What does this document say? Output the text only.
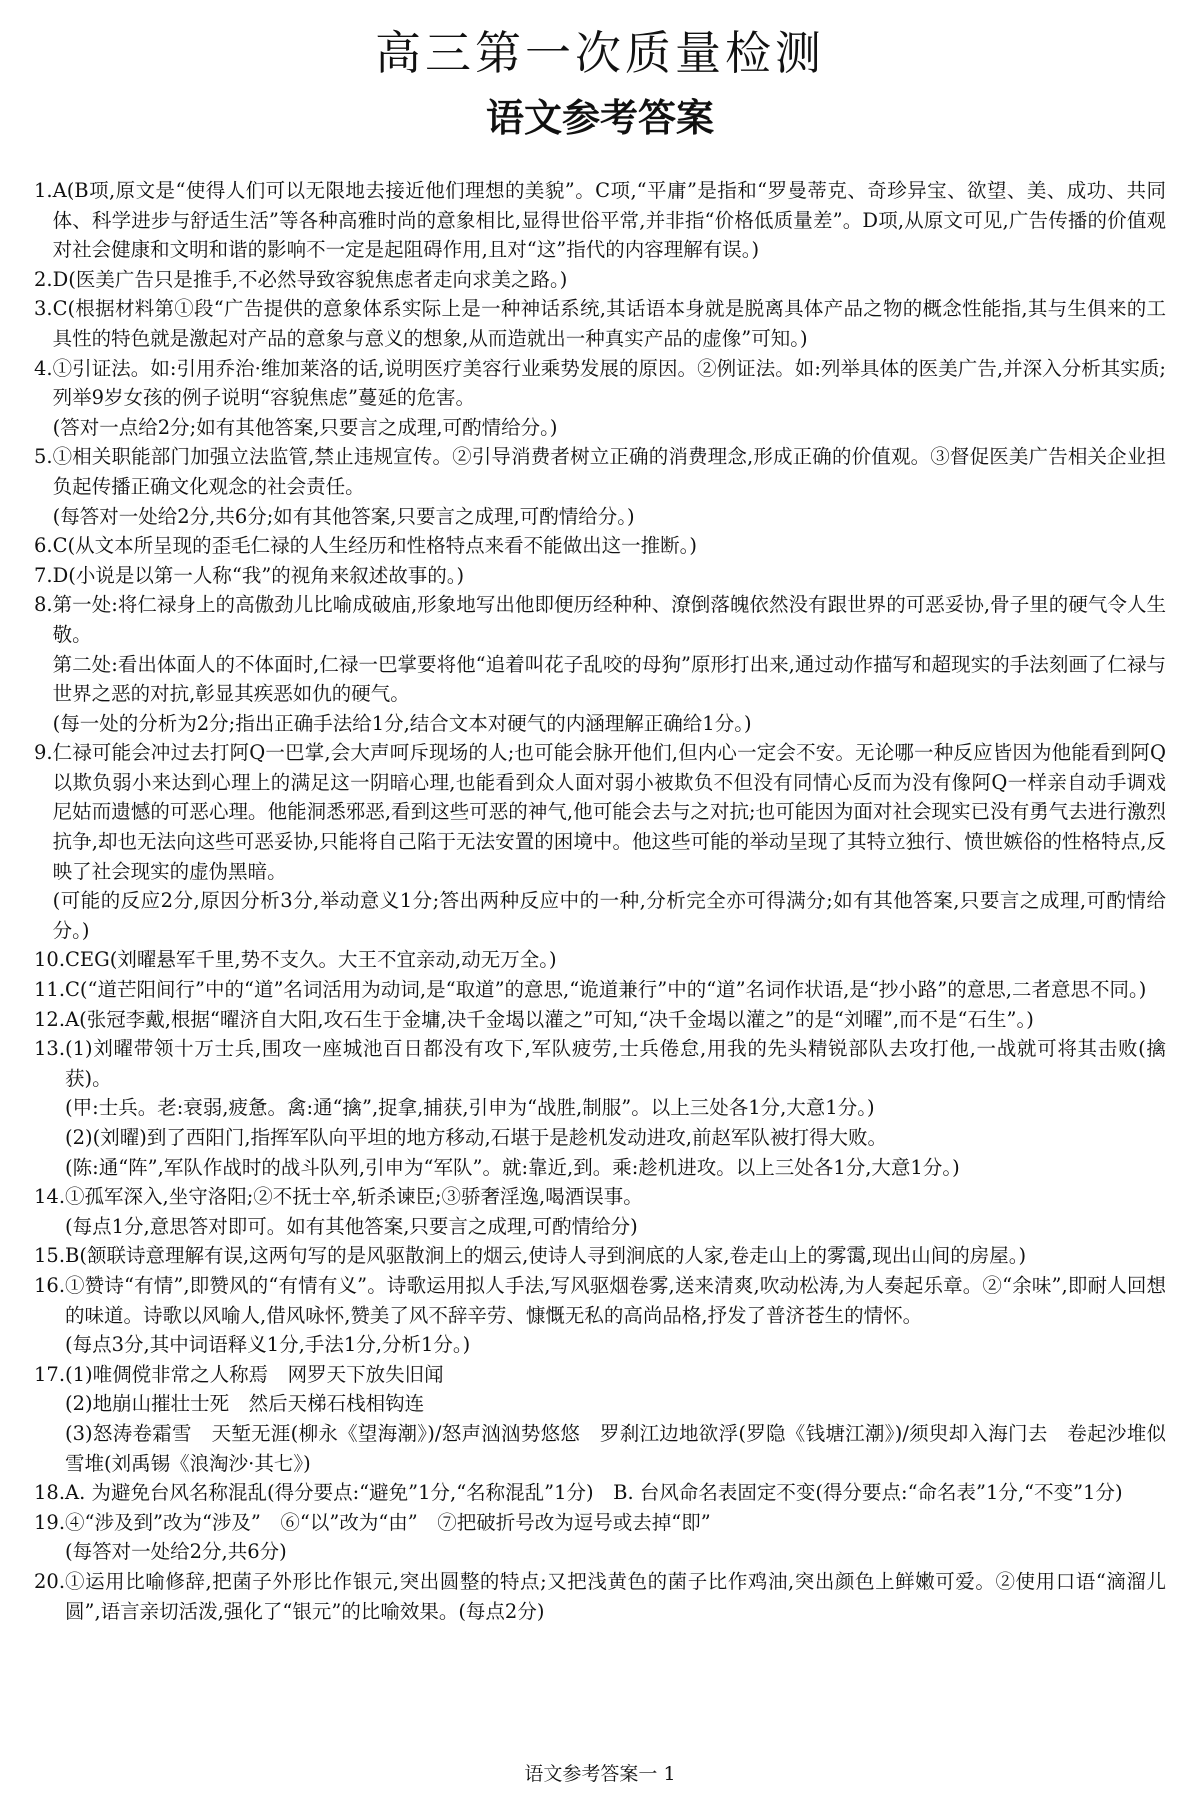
高三第一次质量检测
语文参考答案
1. A(B项,原文是“使得人们可以无限地去接近他们理想的美貌”。C项,“平庸”是指和“罗曼蒂克、奇珍异宝、欲望、美、成功、共同体、科学进步与舒适生活”等各种高雅时尚的意象相比,显得世俗平常,并非指“价格低质量差”。D项,从原文可见,广告传播的价值观对社会健康和文明和谐的影响不一定是起阻碍作用,且对“这”指代的内容理解有误。)

2. D(医美广告只是推手,不必然导致容貌焦虑者走向求美之路。)

3. C(根据材料第①段“广告提供的意象体系实际上是一种神话系统,其话语本身就是脱离具体产品之物的概念性能指,其与生俱来的工具性的特色就是激起对产品的意象与意义的想象,从而造就出一种真实产品的虚像”可知。)

4. ①引证法。如:引用乔治·维加莱洛的话,说明医疗美容行业乘势发展的原因。②例证法。如:列举具体的医美广告,并深入分析其实质;列举9岁女孩的例子说明“容貌焦虑”蔓延的危害。

(答对一点给2分;如有其他答案,只要言之成理,可酌情给分。)

5. ①相关职能部门加强立法监管,禁止违规宣传。②引导消费者树立正确的消费理念,形成正确的价值观。③督促医美广告相关企业担负起传播正确文化观念的社会责任。

(每答对一处给2分,共6分;如有其他答案,只要言之成理,可酌情给分。)

6. C(从文本所呈现的歪毛仁禄的人生经历和性格特点来看不能做出这一推断。)

7. D(小说是以第一人称“我”的视角来叙述故事的。)

8. 第一处:将仁禄身上的高傲劲儿比喻成破庙,形象地写出他即便历经种种、潦倒落魄依然没有跟世界的可恶妥协,骨子里的硬气令人生敬。

第二处:看出体面人的不体面时,仁禄一巴掌要将他“追着叫花子乱咬的母狗”原形打出来,通过动作描写和超现实的手法刻画了仁禄与世界之恶的对抗,彰显其疾恶如仇的硬气。

(每一处的分析为2分;指出正确手法给1分,结合文本对硬气的内涵理解正确给1分。)

9. 仁禄可能会冲过去打阿Q一巴掌,会大声呵斥现场的人;也可能会脉开他们,但内心一定会不安。无论哪一种反应皆因为他能看到阿Q以欺负弱小来达到心理上的满足这一阴暗心理,也能看到众人面对弱小被欺负不但没有同情心反而为没有像阿Q一样亲自动手调戏尼姑而遗憾的可恶心理。他能洞悉邪恶,看到这些可恶的神气,他可能会去与之对抗;也可能因为面对社会现实已没有勇气去进行激烈抗争,却也无法向这些可恶妥协,只能将自己陷于无法安置的困境中。他这些可能的举动呈现了其特立独行、愤世嫉俗的性格特点,反映了社会现实的虚伪黑暗。

(可能的反应2分,原因分析3分,举动意义1分;答出两种反应中的一种,分析完全亦可得满分;如有其他答案,只要言之成理,可酌情给分。)

10. CEG(刘曜悬军千里,势不支久。大王不宜亲动,动无万全。)

11. C(“道芒阳间行”中的“道”名词活用为动词,是“取道”的意思,“诡道兼行”中的“道”名词作状语,是“抄小路”的意思,二者意思不同。)

12. A(张冠李戴,根据“曜济自大阳,攻石生于金墉,决千金堨以灌之”可知,“决千金堨以灌之”的是“刘曜”,而不是“石生”。)

13. (1)刘曜带领十万士兵,围攻一座城池百日都没有攻下,军队疲劳,士兵倦怠,用我的先头精锐部队去攻打他,一战就可将其击败(擒获)。

(甲:士兵。老:衰弱,疲惫。禽:通“擒”,捉拿,捕获,引申为“战胜,制服”。以上三处各1分,大意1分。)

(2)(刘曜)到了西阳门,指挥军队向平坦的地方移动,石堪于是趁机发动进攻,前赵军队被打得大败。

(陈:通“阵”,军队作战时的战斗队列,引申为“军队”。就:靠近,到。乘:趁机进攻。以上三处各1分,大意1分。)

14. ①孤军深入,坐守洛阳;②不抚士卒,斩杀谏臣;③骄奢淫逸,喝酒误事。

(每点1分,意思答对即可。如有其他答案,只要言之成理,可酌情给分)

15. B(颔联诗意理解有误,这两句写的是风驱散涧上的烟云,使诗人寻到涧底的人家,卷走山上的雾霭,现出山间的房屋。)

16. ①赞诗“有情”,即赞风的“有情有义”。诗歌运用拟人手法,写风驱烟卷雾,送来清爽,吹动松涛,为人奏起乐章。②“余味”,即耐人回想的味道。诗歌以风喻人,借风咏怀,赞美了风不辞辛劳、慷慨无私的高尚品格,抒发了普济苍生的情怀。

(每点3分,其中词语释义1分,手法1分,分析1分。)

17. (1)唯倜傥非常之人称焉　网罗天下放失旧闻

(2)地崩山摧壮士死　然后天梯石栈相钩连

(3)怒涛卷霜雪　天堑无涯(柳永《望海潮》)/怒声汹汹势悠悠　罗刹江边地欲浮(罗隐《钱塘江潮》)/须臾却入海门去　卷起沙堆似雪堆(刘禹锡《浪淘沙·其七》)

18. A. 为避免台风名称混乱(得分要点:“避免”1分,“名称混乱”1分)　B. 台风命名表固定不变(得分要点:“命名表”1分,“不变”1分)

19. ④“涉及到”改为“涉及”　⑥“以”改为“由”　⑦把破折号改为逗号或去掉“即”

(每答对一处给2分,共6分)

20. ①运用比喻修辞,把菌子外形比作银元,突出圆整的特点;又把浅黄色的菌子比作鸡油,突出颜色上鲜嫩可爱。②使用口语“滴溜儿圆”,语言亲切活泼,强化了“银元”的比喻效果。(每点2分)

语文参考答案一 1
